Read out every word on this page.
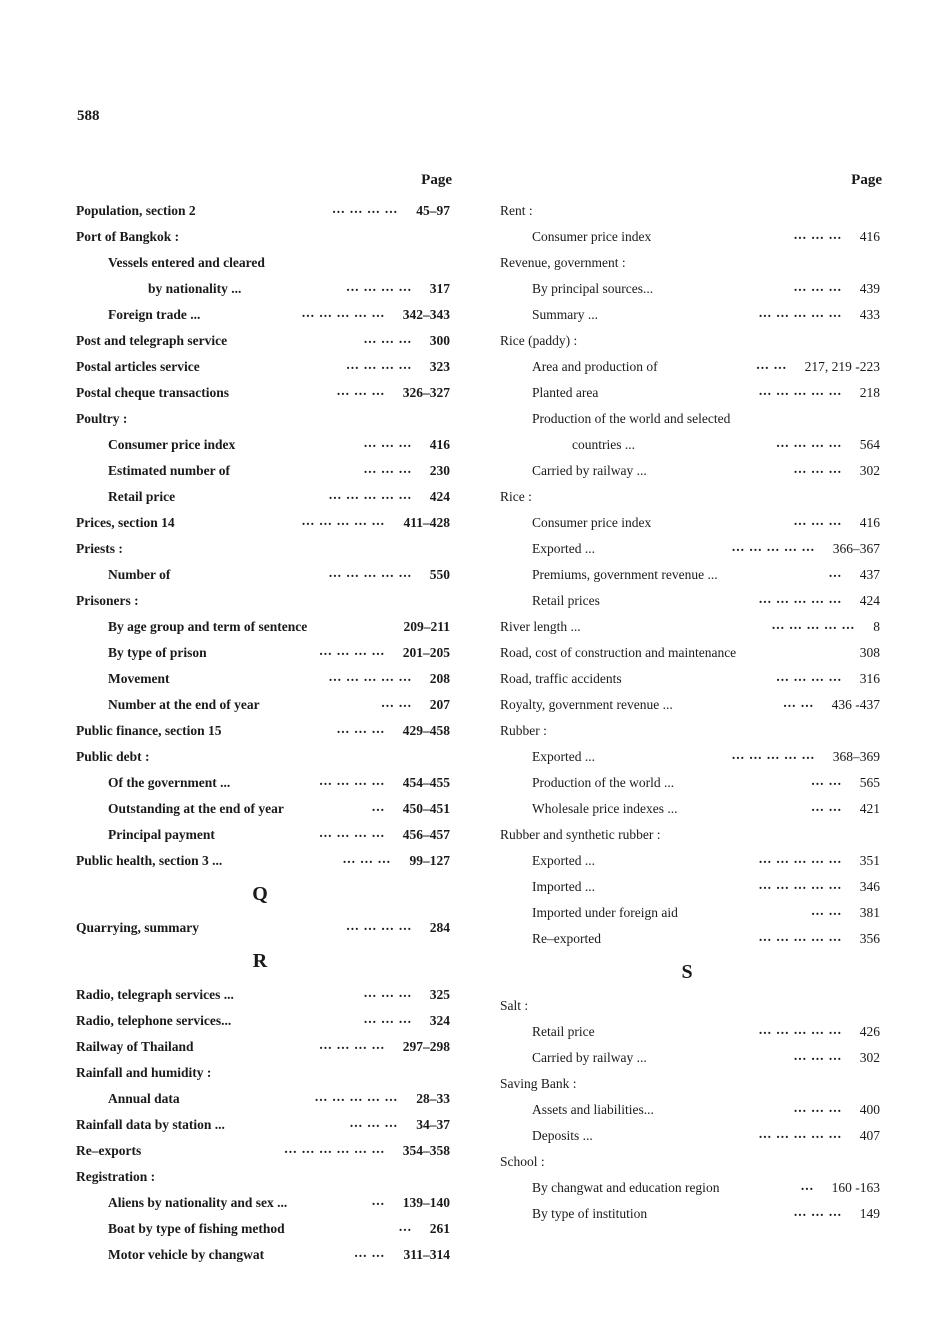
588
Page
Population, section 2	... ... ... ... 45–97
Port of Bangkok :
Vessels entered and cleared
by nationality ...	... ... ... ... 317
Foreign trade ...	... ... ... ... ... 342–343
Post and telegraph service	... ... ... 300
Postal articles service	... ... ... ... 323
Postal cheque transactions	... ... ... 326–327
Poultry :
Consumer price index	... ... ... 416
Estimated number of	... ... ... 230
Retail price	... ... ... ... ... 424
Prices, section 14	... ... ... ... ... 411–428
Priests :
Number of	... ... ... ... ... 550
Prisoners :
By age group and term of sentence	209–211
By type of prison	... ... ... ... 201–205
Movement	... ... ... ... ... 208
Number at the end of year	... ... 207
Public finance, section 15	... ... ... 429–458
Public debt :
Of the government ...	... ... ... ... 454–455
Outstanding at the end of year	... 450–451
Principal payment	... ... ... ... 456–457
Public health, section 3 ...	... ... ... 99–127
Q
Quarrying, summary	... ... ... ... 284
R
Radio, telegraph services ...	... ... ... 325
Radio, telephone services...	... ... ... 324
Railway of Thailand	... ... ... ... 297–298
Rainfall and humidity :
Annual data	... ... ... ... ... 28–33
Rainfall data by station ...	... ... ... 34–37
Re–exports	... ... ... ... ... ... 354–358
Registration :
Aliens by nationality and sex ...	... 139–140
Boat by type of fishing method	... 261
Motor vehicle by changwat	... ... 311–314
Page
Rent :
Consumer price index	... ... ... 416
Revenue, government :
By principal sources...	... ... ... 439
Summary ...	... ... ... ... ... 433
Rice (paddy) :
Area and production of	... ... 217, 219 -223
Planted area	... ... ... ... ... 218
Production of the world and selected
countries ...	... ... ... ... 564
Carried by railway ...	... ... ... 302
Rice :
Consumer price index	... ... ... 416
Exported ...	... ... ... ... ... 366–367
Premiums, government revenue ...	... 437
Retail prices	... ... ... ... ... 424
River length ...	... ... ... ... ... 8
Road, cost of construction and maintenance	308
Road, traffic accidents	... ... ... ... 316
Royalty, government revenue ...	... ... 436 -437
Rubber :
Exported ...	... ... ... ... ... 368–369
Production of the world ...	... ... 565
Wholesale price indexes ...	... ... 421
Rubber and synthetic rubber :
Exported ...	... ... ... ... ... 351
Imported ...	... ... ... ... ... 346
Imported under foreign aid	... ... 381
Re–exported	... ... ... ... ... 356
S
Salt :
Retail price	... ... ... ... ... 426
Carried by railway ...	... ... ... 302
Saving Bank :
Assets and liabilities...	... ... ... 400
Deposits ...	... ... ... ... ... 407
School :
By changwat and education region	... 160 -163
By type of institution	... ... ... 149
